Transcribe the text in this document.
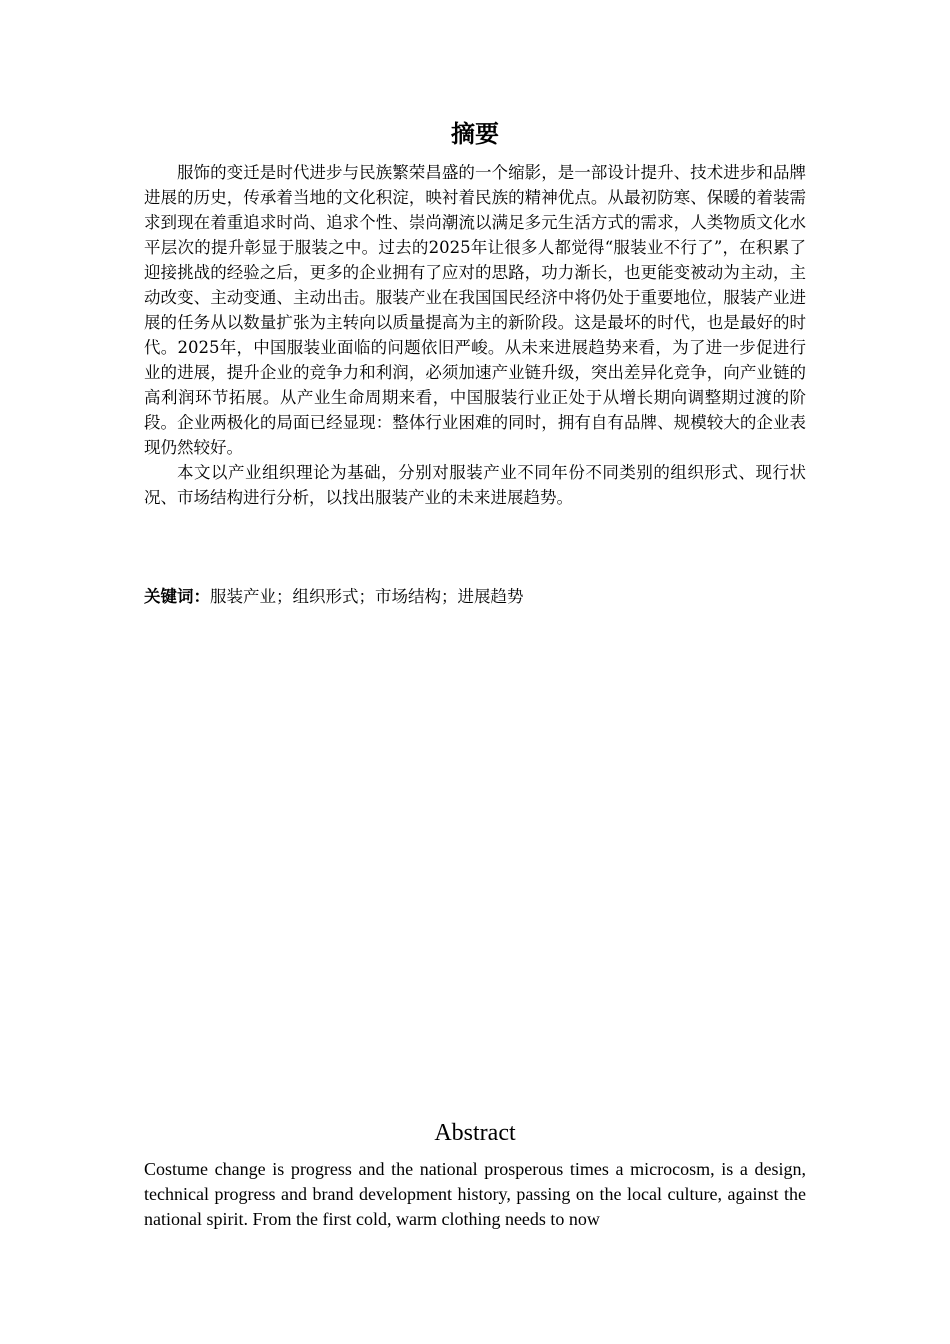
摘要

服饰的变迁是时代进步与民族繁荣昌盛的一个缩影，是一部设计提升、技术进步和品牌进展的历史，传承着当地的文化积淀，映衬着民族的精神优点。从最初防寒、保暖的着装需求到现在着重追求时尚、追求个性、崇尚潮流以满足多元生活方式的需求，人类物质文化水平层次的提升彰显于服装之中。过去的2025年让很多人都觉得“服装业不行了”，在积累了迎接挑战的经验之后，更多的企业拥有了应对的思路，功力渐长，也更能变被动为主动，主动改变、主动变通、主动出击。服装产业在我国国民经济中将仍处于重要地位，服装产业进展的任务从以数量扩张为主转向以质量提高为主的新阶段。这是最坏的时代，也是最好的时代。2025年，中国服装业面临的问题依旧严峻。从未来进展趋势来看，为了进一步促进行业的进展，提升企业的竞争力和利润，必须加速产业链升级，突出差异化竞争，向产业链的高利润环节拓展。从产业生命周期来看，中国服装行业正处于从增长期向调整期过渡的阶段。企业两极化的局面已经显现：整体行业困难的同时，拥有自有品牌、规模较大的企业表现仍然较好。

本文以产业组织理论为基础，分别对服装产业不同年份不同类别的组织形式、现行状况、市场结构进行分析，以找出服装产业的未来进展趋势。

关键词：服装产业；组织形式；市场结构；进展趋势
Abstract

Costume change is progress and the national prosperous times a microcosm, is a design, technical progress and brand development history, passing on the local culture, against the national spirit. From the first cold, warm clothing needs to now
